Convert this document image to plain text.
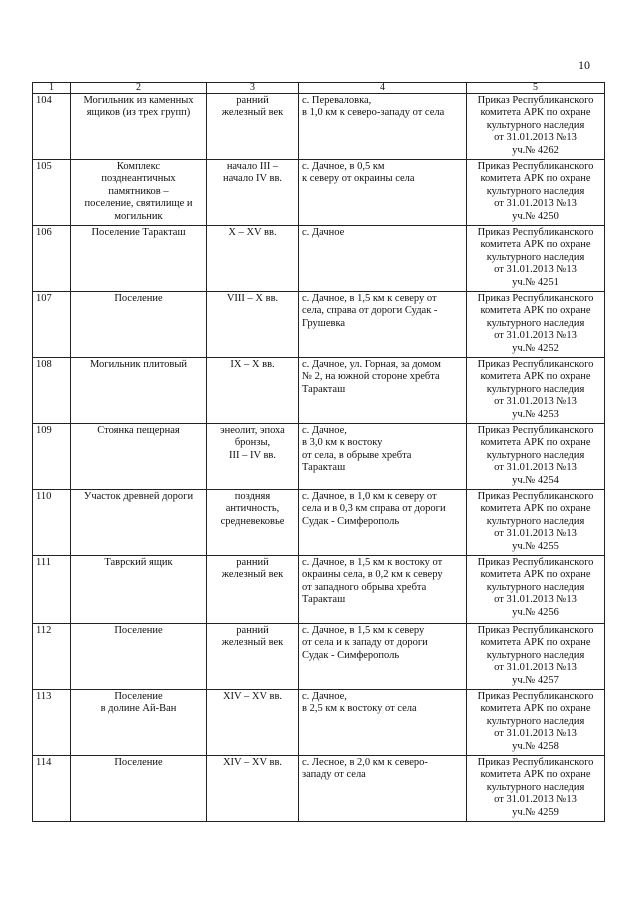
10
1	2	3	4	5

104	Могильник из каменных
ящиков (из трех групп)	ранний
железный век	с. Переваловка,
в 1,0 км к северо-западу от села	Приказ Республиканского
комитета АРК по охране
культурного наследия
от 31.01.2013 №13
уч.№ 4262

105	Комплекс
позднеантичных
памятников –
поселение, святилище и
могильник	начало III –
начало IV вв.	с. Дачное, в 0,5 км
к северу от окраины села	Приказ Республиканского
комитета АРК по охране
культурного наследия
от 31.01.2013 №13
уч.№ 4250

106	Поселение Таракташ	X – XV вв.	с. Дачное	Приказ Республиканского
комитета АРК по охране
культурного наследия
от 31.01.2013 №13
уч.№ 4251

107	Поселение	VIII – X вв.	с. Дачное, в 1,5 км к северу от
села, справа от дороги Судак -
Грушевка	Приказ Республиканского
комитета АРК по охране
культурного наследия
от 31.01.2013 №13
уч.№ 4252

108	Могильник плитовый	IX – X вв.	с. Дачное, ул. Горная, за домом
№ 2, на южной стороне хребта
Таракташ	Приказ Республиканского
комитета АРК по охране
культурного наследия
от 31.01.2013 №13
уч.№ 4253

109	Стоянка пещерная	энеолит, эпоха
бронзы,
III – IV вв.	с. Дачное,
в 3,0 км к востоку
от села, в обрыве хребта
Таракташ	Приказ Республиканского
комитета АРК по охране
культурного наследия
от 31.01.2013 №13
уч.№ 4254

110	Участок древней дороги	поздняя
античность,
средневековье	с. Дачное, в 1,0 км к северу от
села и в 0,3 км справа от дороги
Судак - Симферополь	Приказ Республиканского
комитета АРК по охране
культурного наследия
от 31.01.2013 №13
уч.№ 4255

111	Таврский ящик	ранний
железный век	с. Дачное, в 1,5 км к востоку от
окраины села, в 0,2 км к северу
от западного обрыва хребта
Таракташ	Приказ Республиканского
комитета АРК по охране
культурного наследия
от 31.01.2013 №13
уч.№ 4256

112	Поселение	ранний
железный век	с. Дачное, в 1,5 км к северу
от села и к западу от дороги
Судак - Симферополь	Приказ Республиканского
комитета АРК по охране
культурного наследия
от 31.01.2013 №13
уч.№ 4257

113	Поселение
в долине Ай-Ван	XIV – XV вв.	с. Дачное,
в 2,5 км к востоку от села	Приказ Республиканского
комитета АРК по охране
культурного наследия
от 31.01.2013 №13
уч.№ 4258

114	Поселение	XIV – XV вв.	с. Лесное, в 2,0 км к северо-
западу от села	Приказ Республиканского
комитета АРК по охране
культурного наследия
от 31.01.2013 №13
уч.№ 4259
